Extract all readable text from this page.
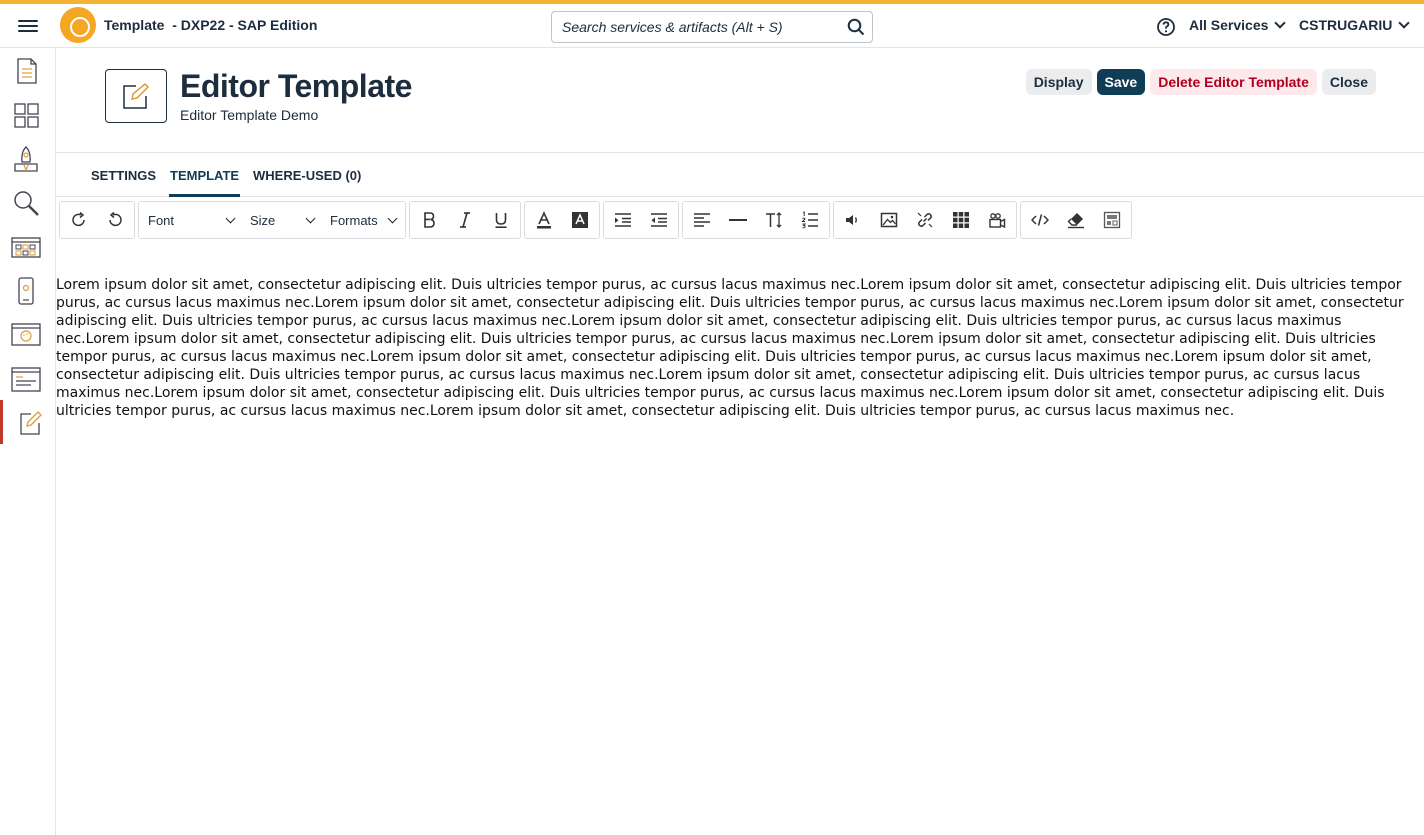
Template  - DXP22 - SAP Edition
Search services & artifacts (Alt + S)	All Services	CSTRUGARIU
Editor Template
Editor Template Demo
Display	Save	Delete Editor Template	Close
SETTINGS TEMPLATE WHERE-USED (0)
Font	Size	Formats
Lorem ipsum dolor sit amet, consectetur adipiscing elit. Duis ultricies tempor purus, ac cursus lacus maximus nec.Lorem ipsum dolor sit amet, consectetur adipiscing elit. Duis ultricies tempor purus, ac cursus lacus maximus nec.Lorem ipsum dolor sit amet, consectetur adipiscing elit. Duis ultricies tempor purus, ac cursus lacus maximus nec.Lorem ipsum dolor sit amet, consectetur adipiscing elit. Duis ultricies tempor purus, ac cursus lacus maximus nec.Lorem ipsum dolor sit amet, consectetur adipiscing elit. Duis ultricies tempor purus, ac cursus lacus maximus nec.Lorem ipsum dolor sit amet, consectetur adipiscing elit. Duis ultricies tempor purus, ac cursus lacus maximus nec.Lorem ipsum dolor sit amet, consectetur adipiscing elit. Duis ultricies tempor purus, ac cursus lacus maximus nec.Lorem ipsum dolor sit amet, consectetur adipiscing elit. Duis ultricies tempor purus, ac cursus lacus maximus nec.Lorem ipsum dolor sit amet, consectetur adipiscing elit. Duis ultricies tempor purus, ac cursus lacus maximus nec.Lorem ipsum dolor sit amet, consectetur adipiscing elit. Duis ultricies tempor purus, ac cursus lacus maximus nec.Lorem ipsum dolor sit amet, consectetur adipiscing elit. Duis ultricies tempor purus, ac cursus lacus maximus nec.Lorem ipsum dolor sit amet, consectetur adipiscing elit. Duis ultricies tempor purus, ac cursus lacus maximus nec.Lorem ipsum dolor sit amet, consectetur adipiscing elit. Duis ultricies tempor purus, ac cursus lacus maximus nec.
